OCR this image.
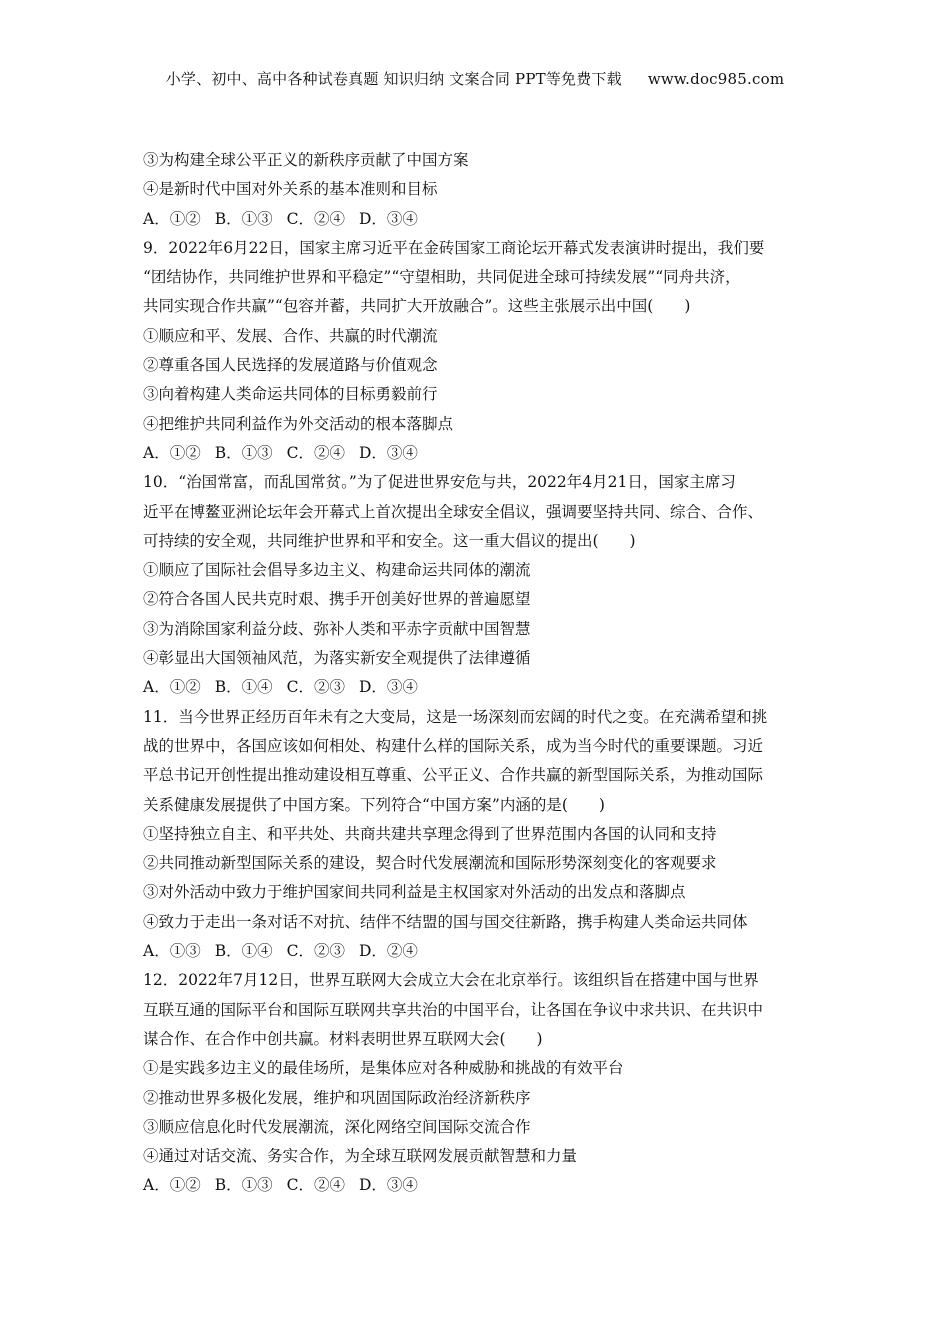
小学、初中、高中各种试卷真题 知识归纳 文案合同 PPT等免费下载 www.doc985.com
③为构建全球公平正义的新秩序贡献了中国方案
④是新时代中国对外关系的基本准则和目标
A．①② B．①③ C．②④ D．③④
9．2022年6月22日，国家主席习近平在金砖国家工商论坛开幕式发表演讲时提出，我们要
“团结协作，共同维护世界和平稳定”“守望相助，共同促进全球可持续发展”“同舟共济，
共同实现合作共赢”“包容并蓄，共同扩大开放融合”。这些主张展示出中国(　　)
①顺应和平、发展、合作、共赢的时代潮流
②尊重各国人民选择的发展道路与价值观念
③向着构建人类命运共同体的目标勇毅前行
④把维护共同利益作为外交活动的根本落脚点
A．①② B．①③ C．②④ D．③④
10．“治国常富，而乱国常贫。”为了促进世界安危与共，2022年4月21日，国家主席习
近平在博鳌亚洲论坛年会开幕式上首次提出全球安全倡议，强调要坚持共同、综合、合作、
可持续的安全观，共同维护世界和平和安全。这一重大倡议的提出(　　)
①顺应了国际社会倡导多边主义、构建命运共同体的潮流
②符合各国人民共克时艰、携手开创美好世界的普遍愿望
③为消除国家利益分歧、弥补人类和平赤字贡献中国智慧
④彰显出大国领袖风范，为落实新安全观提供了法律遵循
A．①② B．①④ C．②③ D．③④
11．当今世界正经历百年未有之大变局，这是一场深刻而宏阔的时代之变。在充满希望和挑
战的世界中，各国应该如何相处、构建什么样的国际关系，成为当今时代的重要课题。习近
平总书记开创性提出推动建设相互尊重、公平正义、合作共赢的新型国际关系，为推动国际
关系健康发展提供了中国方案。下列符合“中国方案”内涵的是(　　)
①坚持独立自主、和平共处、共商共建共享理念得到了世界范围内各国的认同和支持
②共同推动新型国际关系的建设，契合时代发展潮流和国际形势深刻变化的客观要求
③对外活动中致力于维护国家间共同利益是主权国家对外活动的出发点和落脚点
④致力于走出一条对话不对抗、结伴不结盟的国与国交往新路，携手构建人类命运共同体
A．①③ B．①④ C．②③ D．②④
12．2022年7月12日，世界互联网大会成立大会在北京举行。该组织旨在搭建中国与世界
互联互通的国际平台和国际互联网共享共治的中国平台，让各国在争议中求共识、在共识中
谋合作、在合作中创共赢。材料表明世界互联网大会(　　)
①是实践多边主义的最佳场所，是集体应对各种威胁和挑战的有效平台
②推动世界多极化发展，维护和巩固国际政治经济新秩序
③顺应信息化时代发展潮流，深化网络空间国际交流合作
④通过对话交流、务实合作，为全球互联网发展贡献智慧和力量
A．①② B．①③ C．②④ D．③④
